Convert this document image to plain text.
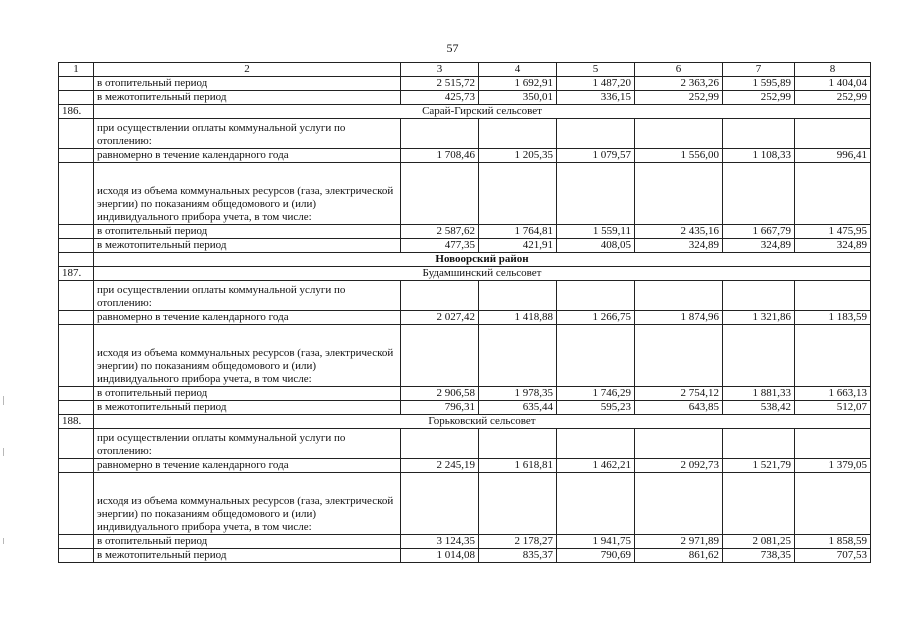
57
1	2	3	4	5	6	7	8
	в отопительный период	2 515,72	1 692,91	1 487,20	2 363,26	1 595,89	1 404,04
	в межотопительный период	425,73	350,01	336,15	252,99	252,99	252,99
186.	Сарай-Гирский сельсовет						
	при осуществлении оплаты коммунальной услуги по отоплению:						
	равномерно в течение календарного года	1 708,46	1 205,35	1 079,57	1 556,00	1 108,33	996,41
	исходя из объема коммунальных ресурсов (газа, электрической энергии) по показаниям общедомового и (или) индивидуального прибора учета, в том числе:						
	в отопительный период	2 587,62	1 764,81	1 559,11	2 435,16	1 667,79	1 475,95
	в межотопительный период	477,35	421,91	408,05	324,89	324,89	324,89
	Новоорский район						
187.	Будамшинский сельсовет						
	при осуществлении оплаты коммунальной услуги по отоплению:						
	равномерно в течение календарного года	2 027,42	1 418,88	1 266,75	1 874,96	1 321,86	1 183,59
	исходя из объема коммунальных ресурсов (газа, электрической энергии) по показаниям общедомового и (или) индивидуального прибора учета, в том числе:						
	в отопительный период	2 906,58	1 978,35	1 746,29	2 754,12	1 881,33	1 663,13
	в межотопительный период	796,31	635,44	595,23	643,85	538,42	512,07
188.	Горьковский сельсовет						
	при осуществлении оплаты коммунальной услуги по отоплению:						
	равномерно в течение календарного года	2 245,19	1 618,81	1 462,21	2 092,73	1 521,79	1 379,05
	исходя из объема коммунальных ресурсов (газа, электрической энергии) по показаниям общедомового и (или) индивидуального прибора учета, в том числе:						
	в отопительный период	3 124,35	2 178,27	1 941,75	2 971,89	2 081,25	1 858,59
	в межотопительный период	1 014,08	835,37	790,69	861,62	738,35	707,53
